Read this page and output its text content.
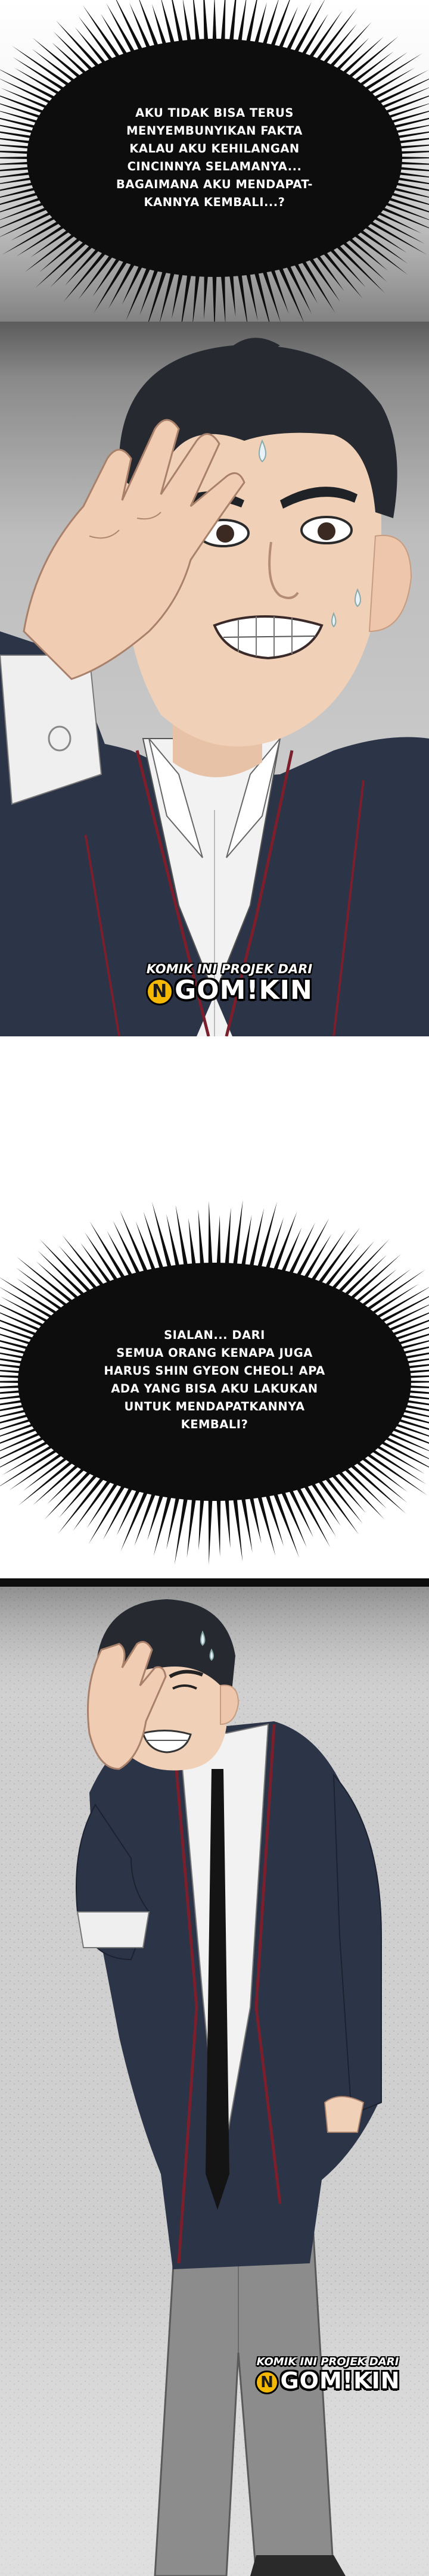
AKU TIDAK BISA TERUS
MENYEMBUNYIKAN FAKTA
KALAU AKU KEHILANGAN
CINCINNYA SELAMANYA...
BAGAIMANA AKU MENDAPAT-
KANNYA KEMBALI...?
KOMIK INI PROJEK DARI
N GOM!KIN
SIALAN... DARI
SEMUA ORANG KENAPA JUGA
HARUS SHIN GYEON CHEOL! APA
ADA YANG BISA AKU LAKUKAN
UNTUK MENDAPATKANNYA
KEMBALI?
KOMIK INI PROJEK DARI
N GOM!KIN
